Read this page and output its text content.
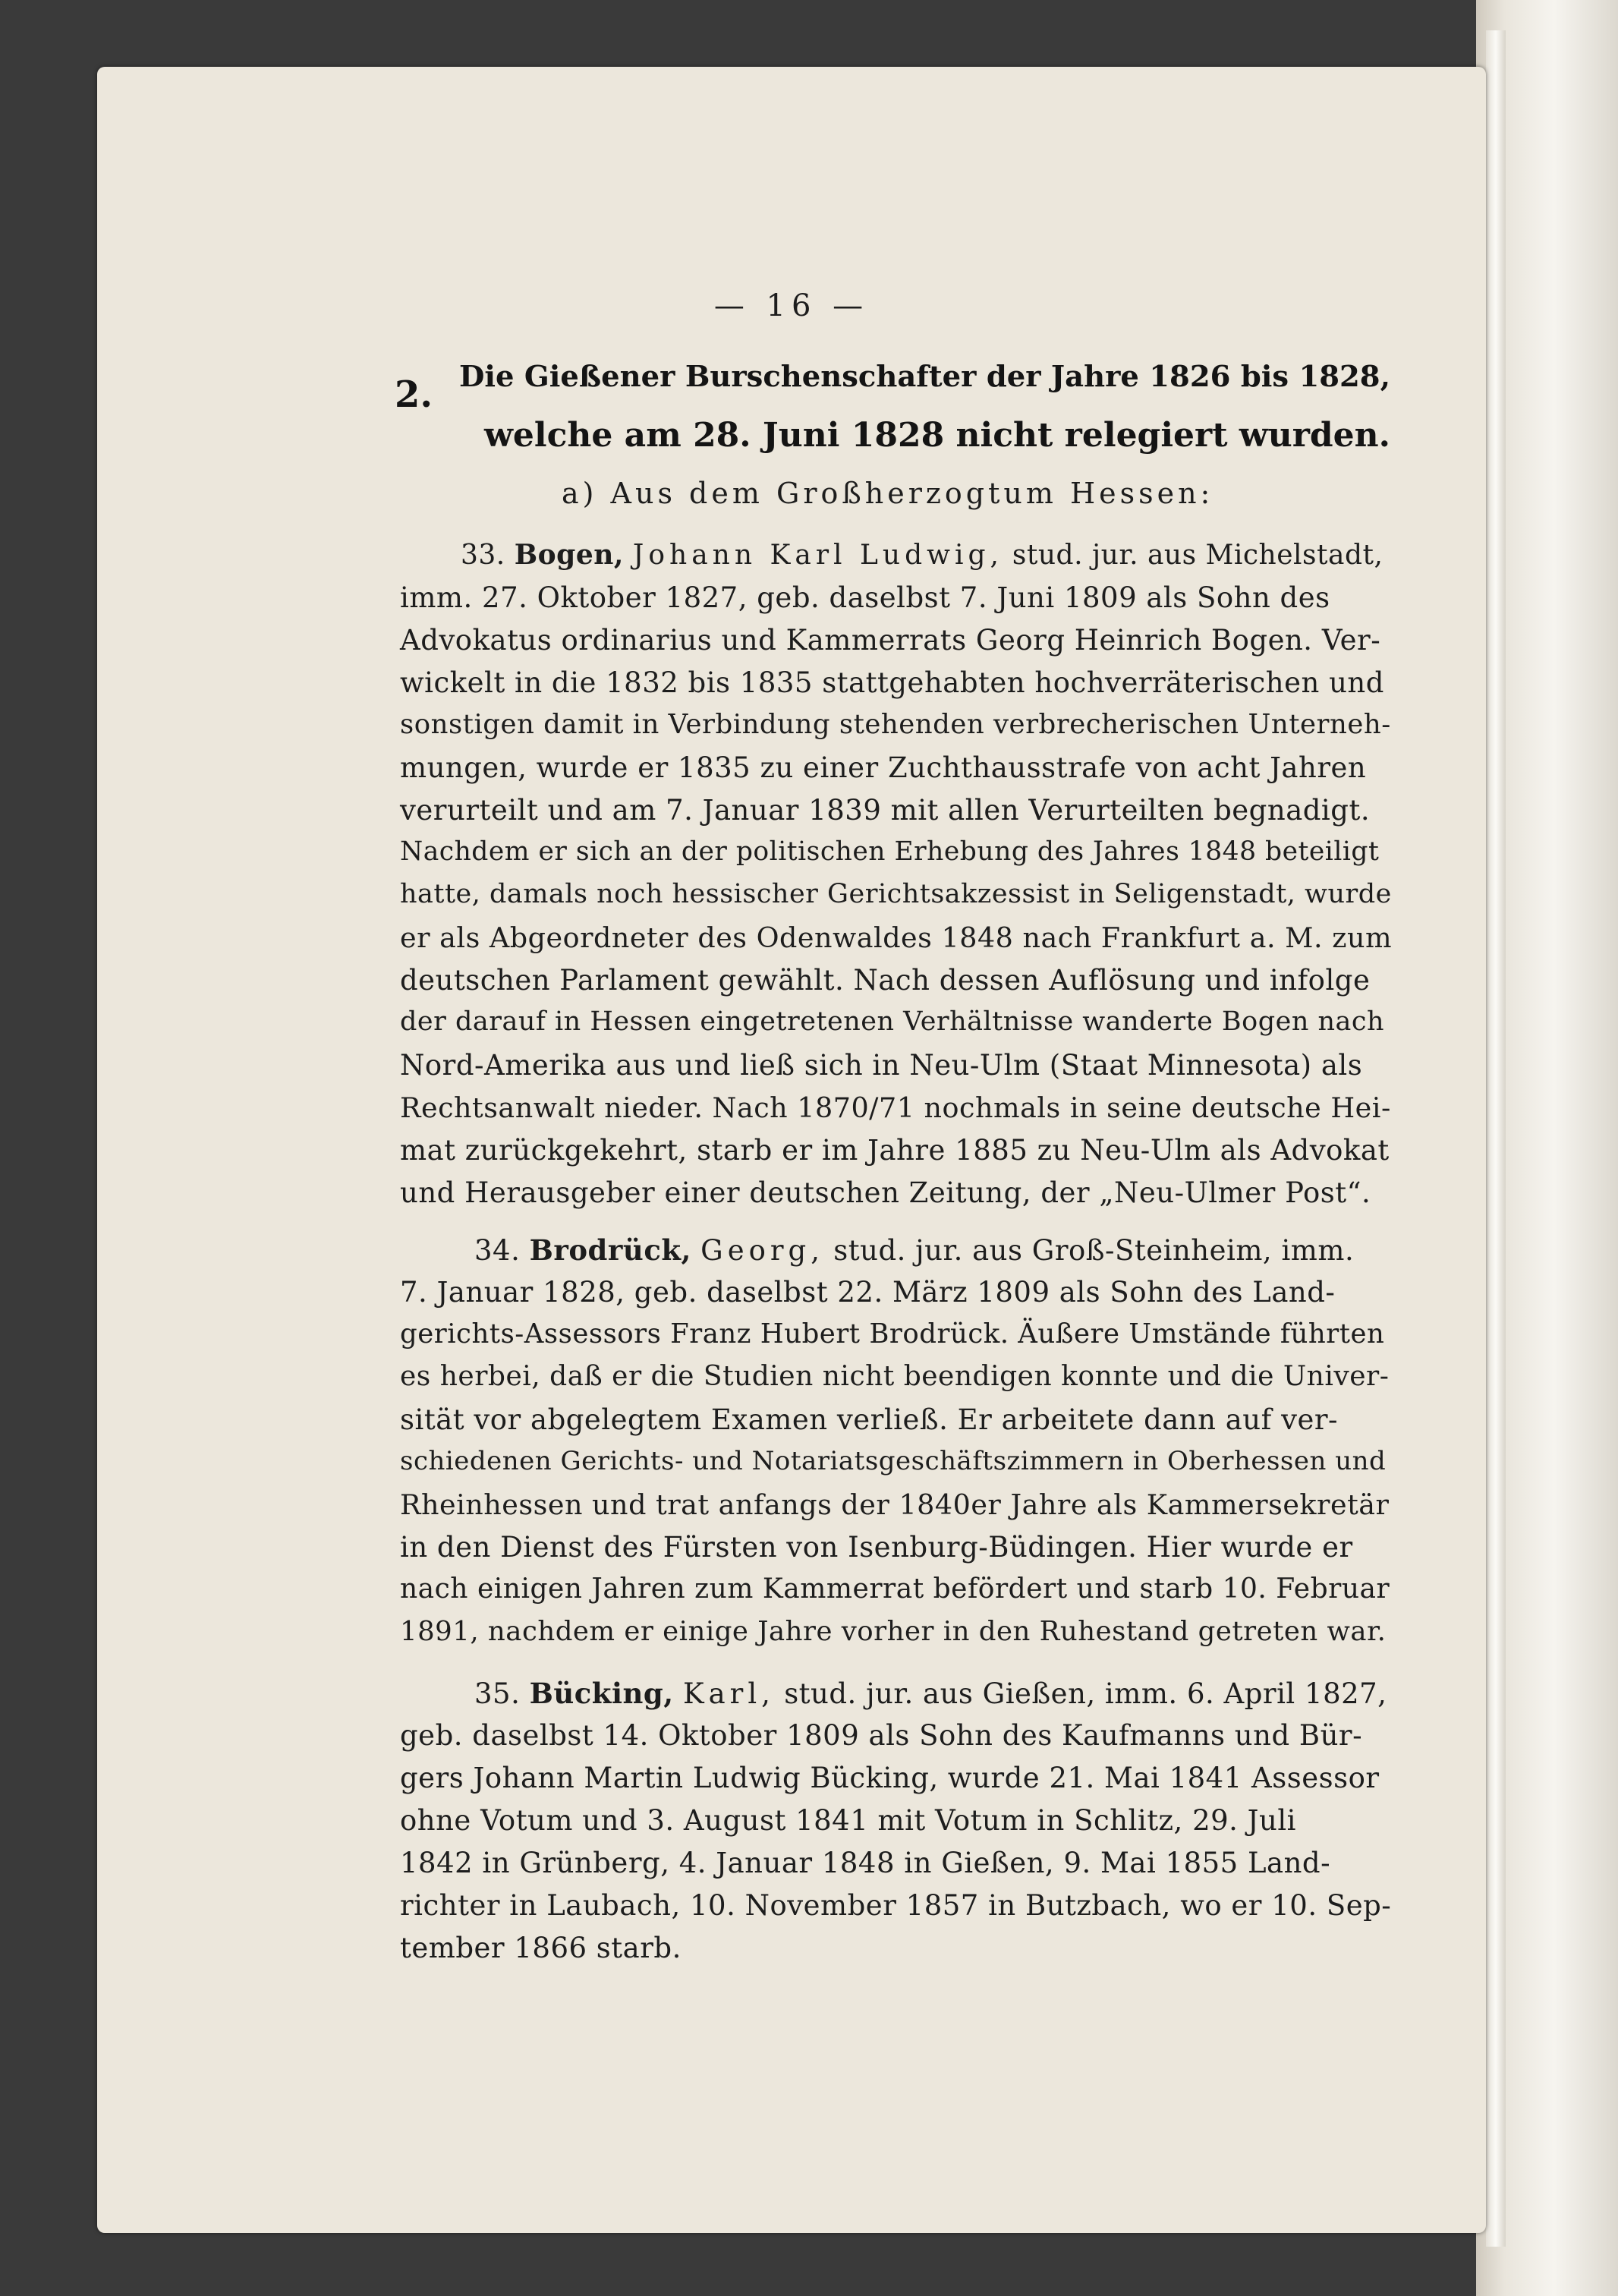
— 16 —
2. Die Gießener Burschenschafter der Jahre 1826 bis 1828,
welche am 28. Juni 1828 nicht relegiert wurden.
a) Aus dem Großherzogtum Hessen:
33. Bogen, Johann Karl Ludwig, stud. jur. aus Michelstadt,
imm. 27. Oktober 1827, geb. daselbst 7. Juni 1809 als Sohn des
Advokatus ordinarius und Kammerrats Georg Heinrich Bogen. Ver-
wickelt in die 1832 bis 1835 stattgehabten hochverräterischen und
sonstigen damit in Verbindung stehenden verbrecherischen Unterneh-
mungen, wurde er 1835 zu einer Zuchthausstrafe von acht Jahren
verurteilt und am 7. Januar 1839 mit allen Verurteilten begnadigt.
Nachdem er sich an der politischen Erhebung des Jahres 1848 beteiligt
hatte, damals noch hessischer Gerichtsakzessist in Seligenstadt, wurde
er als Abgeordneter des Odenwaldes 1848 nach Frankfurt a. M. zum
deutschen Parlament gewählt. Nach dessen Auflösung und infolge
der darauf in Hessen eingetretenen Verhältnisse wanderte Bogen nach
Nord-Amerika aus und ließ sich in Neu-Ulm (Staat Minnesota) als
Rechtsanwalt nieder. Nach 1870/71 nochmals in seine deutsche Hei-
mat zurückgekehrt, starb er im Jahre 1885 zu Neu-Ulm als Advokat
und Herausgeber einer deutschen Zeitung, der „Neu-Ulmer Post“.
34. Brodrück, Georg, stud. jur. aus Groß-Steinheim, imm.
7. Januar 1828, geb. daselbst 22. März 1809 als Sohn des Land-
gerichts-Assessors Franz Hubert Brodrück. Äußere Umstände führten
es herbei, daß er die Studien nicht beendigen konnte und die Univer-
sität vor abgelegtem Examen verließ. Er arbeitete dann auf ver-
schiedenen Gerichts- und Notariatsgeschäftszimmern in Oberhessen und
Rheinhessen und trat anfangs der 1840er Jahre als Kammersekretär
in den Dienst des Fürsten von Isenburg-Büdingen. Hier wurde er
nach einigen Jahren zum Kammerrat befördert und starb 10. Februar
1891, nachdem er einige Jahre vorher in den Ruhestand getreten war.
35. Bücking, Karl, stud. jur. aus Gießen, imm. 6. April 1827,
geb. daselbst 14. Oktober 1809 als Sohn des Kaufmanns und Bür-
gers Johann Martin Ludwig Bücking, wurde 21. Mai 1841 Assessor
ohne Votum und 3. August 1841 mit Votum in Schlitz, 29. Juli
1842 in Grünberg, 4. Januar 1848 in Gießen, 9. Mai 1855 Land-
richter in Laubach, 10. November 1857 in Butzbach, wo er 10. Sep-
tember 1866 starb.
